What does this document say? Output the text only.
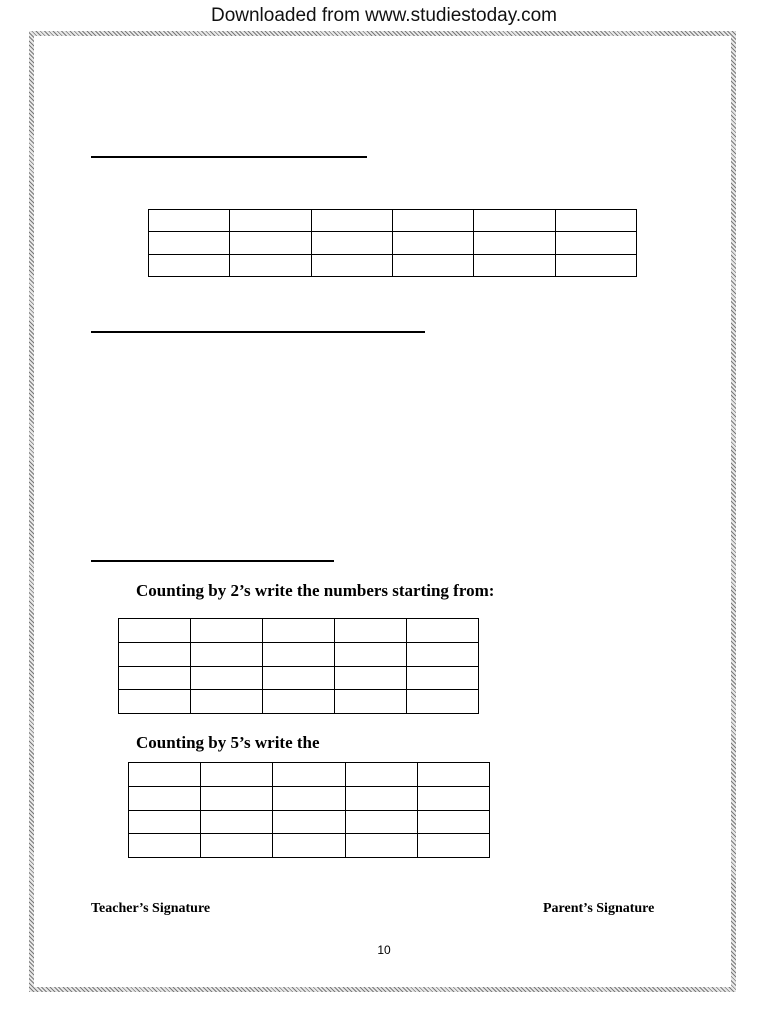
Downloaded from www.studiestoday.com

Counting by 2’s write the numbers starting from:

Counting by 5’s write the

Teacher’s Signature	Parent’s Signature
10
